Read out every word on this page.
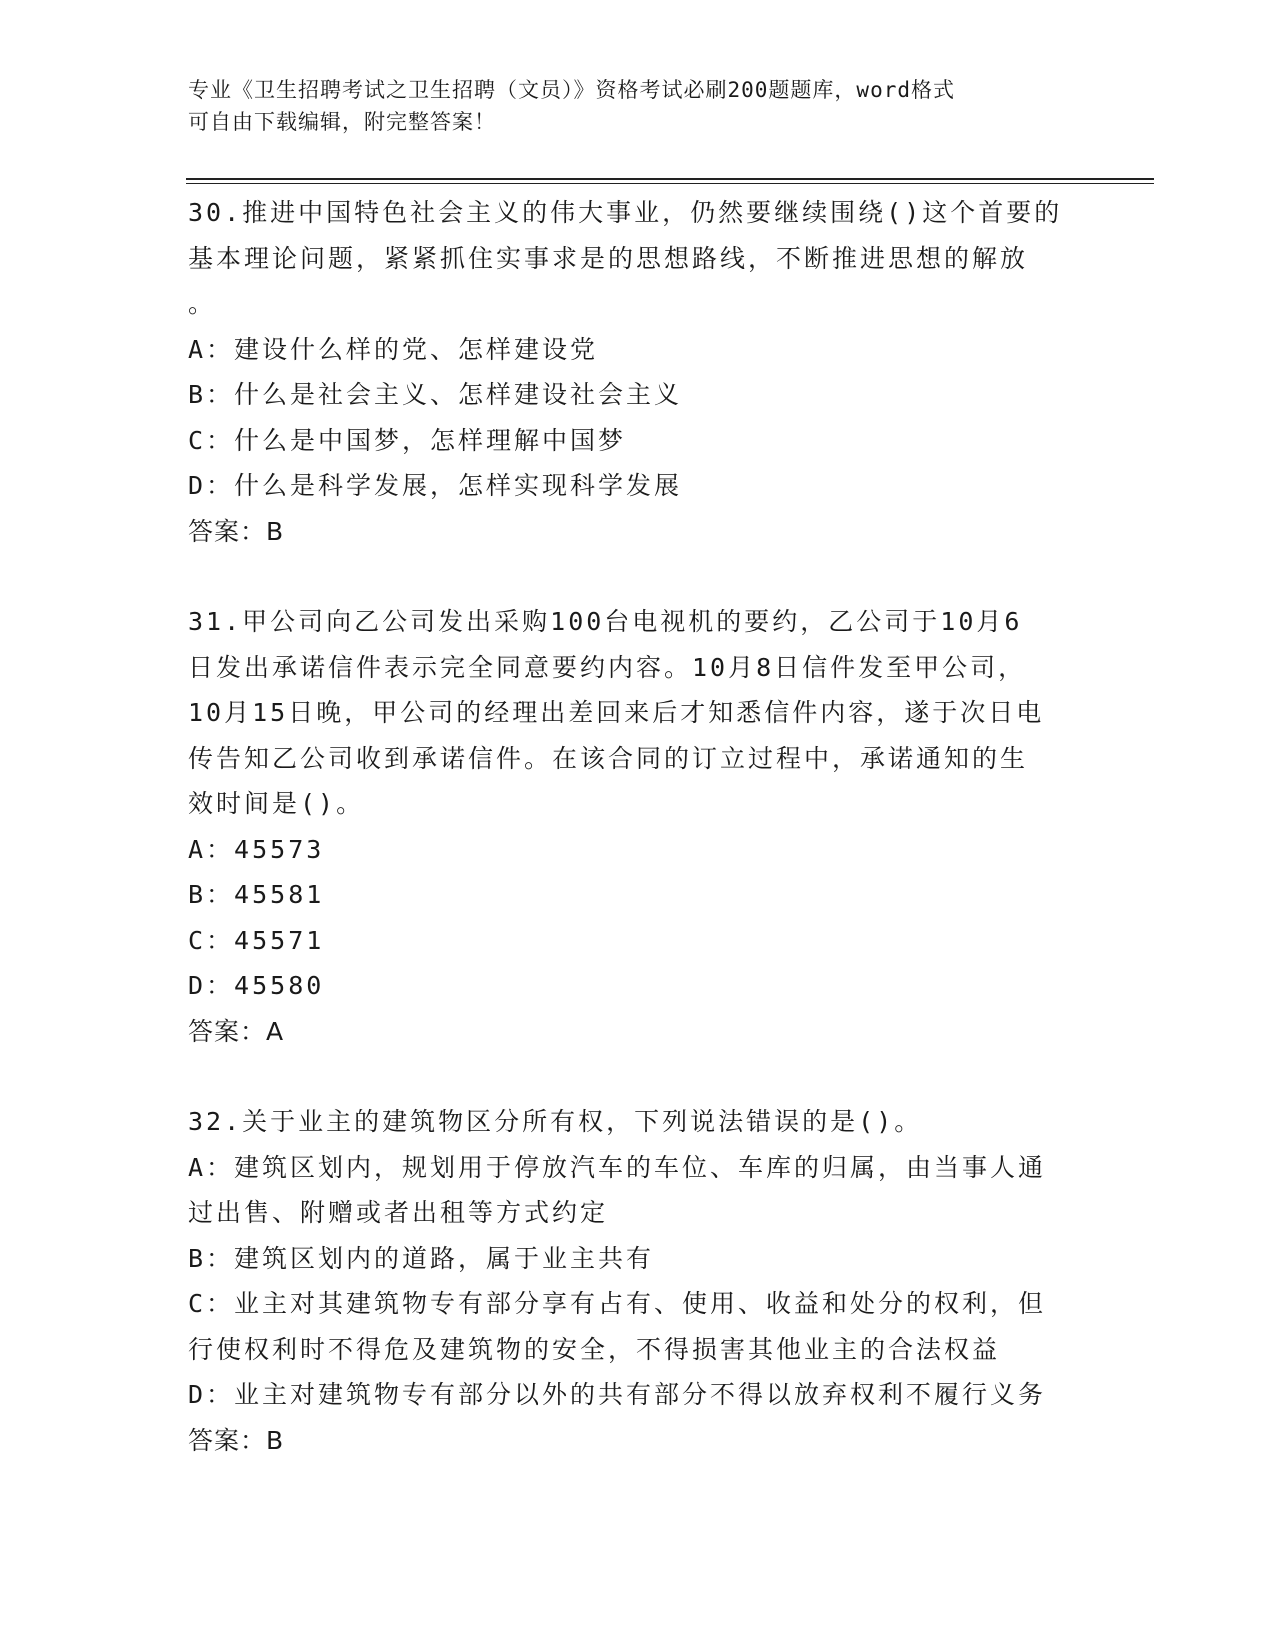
专业《卫生招聘考试之卫生招聘（文员）》资格考试必刷200题题库，word格式
可自由下载编辑，附完整答案！
30.推进中国特色社会主义的伟大事业，仍然要继续围绕()这个首要的
基本理论问题，紧紧抓住实事求是的思想路线，不断推进思想的解放
。
A：建设什么样的党、怎样建设党
B：什么是社会主义、怎样建设社会主义
C：什么是中国梦，怎样理解中国梦
D：什么是科学发展，怎样实现科学发展
答案：B
31.甲公司向乙公司发出采购100台电视机的要约，乙公司于10月6
日发出承诺信件表示完全同意要约内容。10月8日信件发至甲公司，
10月15日晚，甲公司的经理出差回来后才知悉信件内容，遂于次日电
传告知乙公司收到承诺信件。在该合同的订立过程中，承诺通知的生
效时间是()。
A：45573
B：45581
C：45571
D：45580
答案：A
32.关于业主的建筑物区分所有权，下列说法错误的是()。
A：建筑区划内，规划用于停放汽车的车位、车库的归属，由当事人通
过出售、附赠或者出租等方式约定
B：建筑区划内的道路，属于业主共有
C：业主对其建筑物专有部分享有占有、使用、收益和处分的权利，但
行使权利时不得危及建筑物的安全，不得损害其他业主的合法权益
D：业主对建筑物专有部分以外的共有部分不得以放弃权利不履行义务
答案：B
